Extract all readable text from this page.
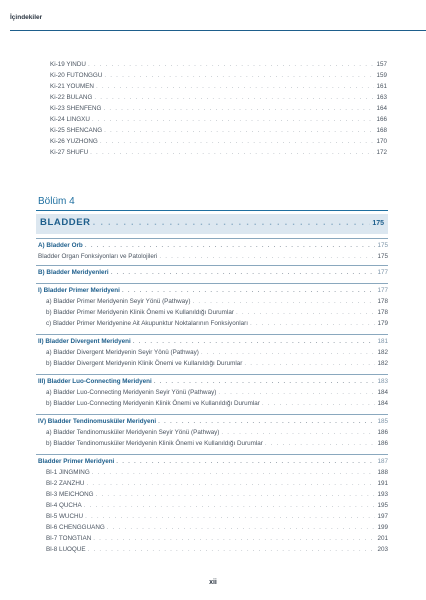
İçindekiler
Ki-19 YINDU . . .	157
Ki-20 FUTONGGU . . .	159
Ki-21 YOUMEN . . .	161
Ki-22 BULANG . . .	163
Ki-23 SHENFENG . . .	164
Ki-24 LINGXU . . .	166
Ki-25 SHENCANG . . .	168
Ki-26 YUZHONG . . .	170
Ki-27 SHUFU . . .	172
Bölüm 4
BLADDER . . .	175
A) Bladder Orb . . .	175
Bladder Organ Fonksiyonları ve Patolojileri . . .	175
B) Bladder Meridyenleri . . .	177
I) Bladder Primer Meridyeni . . .	177
a) Bladder Primer Meridyenin Seyir Yönü (Pathway) . . .	178
b) Bladder Primer Meridyenin Klinik Önemi ve Kullanıldığı Durumlar . . .	178
c) Bladder Primer Meridyenine Ait Akupunktur Noktalarının Fonksiyonları . . .	179
II) Bladder Divergent Meridyeni . . .	181
a) Bladder Divergent Meridyenin Seyir Yönü (Pathway) . . .	182
b) Bladder Divergent Meridyenin Klinik Önemi ve Kullanıldığı Durumlar . . .	182
III) Bladder Luo-Connecting Meridyeni . . .	183
a) Bladder Luo-Connecting Meridyenin Seyir Yönü (Pathway) . . .	184
b) Bladder Luo-Connecting Meridyenin Klinik Önemi ve Kullanıldığı Durumlar . . .	184
IV) Bladder Tendinomusküler Meridyeni . . .	185
a) Bladder Tendinomusküler Meridyenin Seyir Yönü (Pathway) . . .	186
b) Bladder Tendinomusküler Meridyenin Klinik Önemi ve Kullanıldığı Durumlar . . .	186
Bladder Primer Meridyeni . . .	187
Bl-1 JINGMING . . .	188
Bl-2 ZANZHU . . .	191
Bl-3 MEICHONG . . .	193
Bl-4 QUCHA . . .	195
Bl-5 WUCHU . . .	197
Bl-6 CHENGGUANG . . .	199
Bl-7 TONGTIAN . . .	201
Bl-8 LUOQUE . . .	203
xii
